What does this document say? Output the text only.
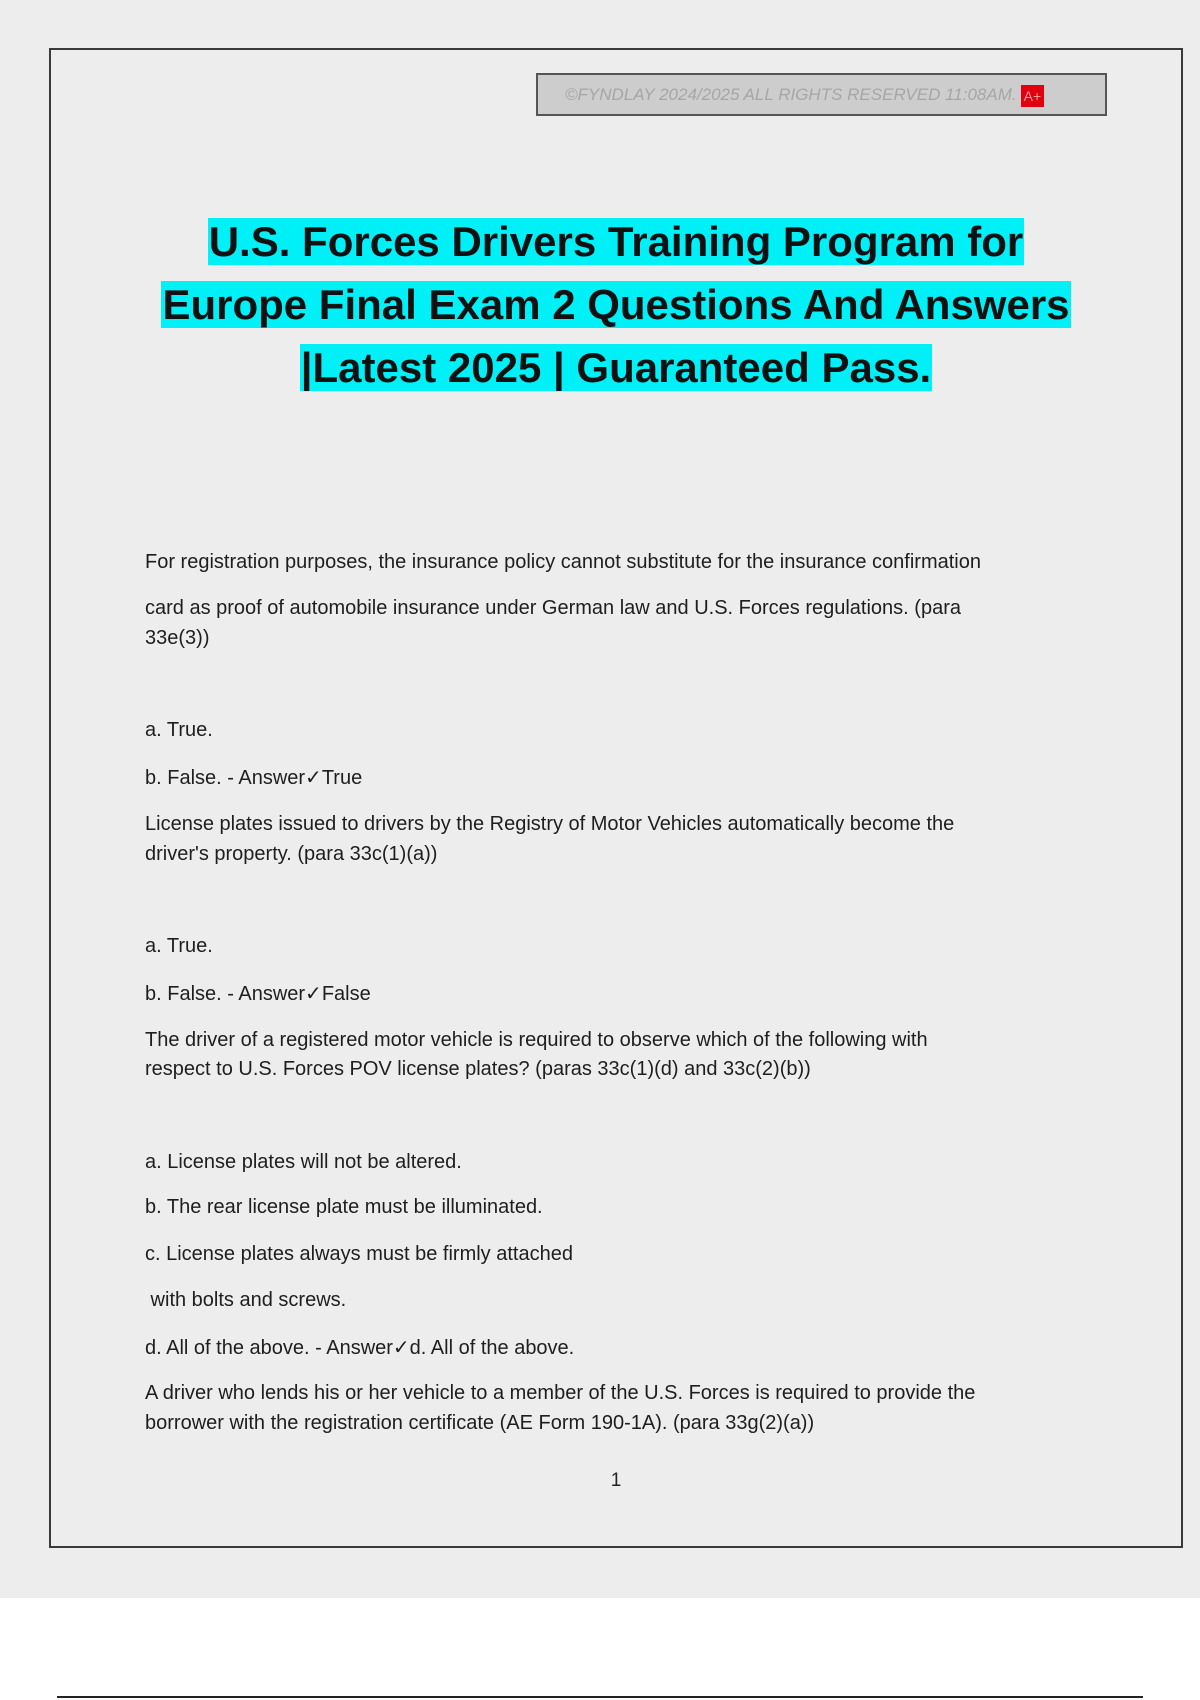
©FYNDLAY 2024/2025 ALL RIGHTS RESERVED 11:08AM. A+
U.S. Forces Drivers Training Program for
Europe Final Exam 2 Questions And Answers
|Latest 2025 | Guaranteed Pass.
For registration purposes, the insurance policy cannot substitute for the insurance confirmation
card as proof of automobile insurance under German law and U.S. Forces regulations. (para
33e(3))
a. True.
b. False. - Answer✓True
License plates issued to drivers by the Registry of Motor Vehicles automatically become the
driver's property. (para 33c(1)(a))
a. True.
b. False. - Answer✓False
The driver of a registered motor vehicle is required to observe which of the following with
respect to U.S. Forces POV license plates? (paras 33c(1)(d) and 33c(2)(b))
a. License plates will not be altered.
b. The rear license plate must be illuminated.
c. License plates always must be firmly attached
with bolts and screws.
d. All of the above. - Answer✓d. All of the above.
A driver who lends his or her vehicle to a member of the U.S. Forces is required to provide the
borrower with the registration certificate (AE Form 190-1A). (para 33g(2)(a))
1
